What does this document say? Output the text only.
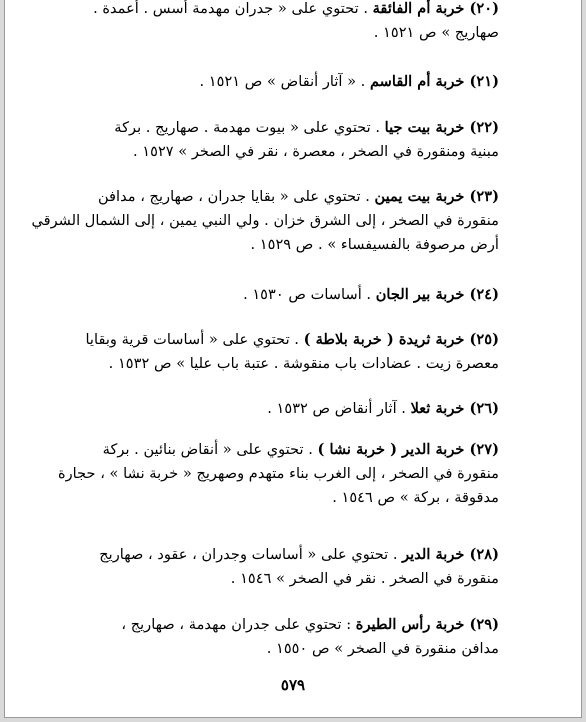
(٢٠) خربة أم الفائقة . تحتوي على « جدران مهدمة أسس . أعمدة .

صهاريج » ص ١٥٢١ .

(٢١) خربة أم القاسم . « آثار أنقاض » ص ١٥٢١ .

(٢٢) خربة بيت جيا . تحتوي على « بيوت مهدمة . صهاريج . بركة

مبنية ومنقورة في الصخر ، معصرة ، نقر في الصخر » ١٥٢٧ .

(٢٣) خربة بيت يمين . تحتوي على « بقايا جدران ، صهاريج ، مدافن

منقورة في الصخر ، إلى الشرق خزان . ولي النبي يمين ، إلى الشمال الشرقي

أرض مرصوفة بالفسيفساء » . ص ١٥٢٩ .

(٢٤) خربة بير الجان . أساسات ص ١٥٣٠ .

(٢٥) خربة ثريدة ( خربة بلاطة ) . تحتوي على « أساسات قرية وبقايا

معصرة زيت . عضادات باب منقوشة . عتبة باب عليا » ص ١٥٣٢ .

(٢٦) خربة ثعلا . آثار أنقاض ص ١٥٣٢ .

(٢٧) خربة الدير ( خربة نشا ) . تحتوي على « أنقاض بنائين . بركة

منقورة في الصخر ، إلى الغرب بناء متهدم وصهريج « خربة نشا » ، حجارة

مدقوقة ، بركة » ص ١٥٤٦ .

(٢٨) خربة الدير . تحتوي على « أساسات وجدران ، عقود ، صهاريج

منقورة في الصخر . نقر في الصخر » ١٥٤٦ .

(٢٩) خربة رأس الطيرة : تحتوي على جدران مهدمة ، صهاريج ،

مدافن منقورة في الصخر » ص ١٥٥٠ .

٥٧٩
